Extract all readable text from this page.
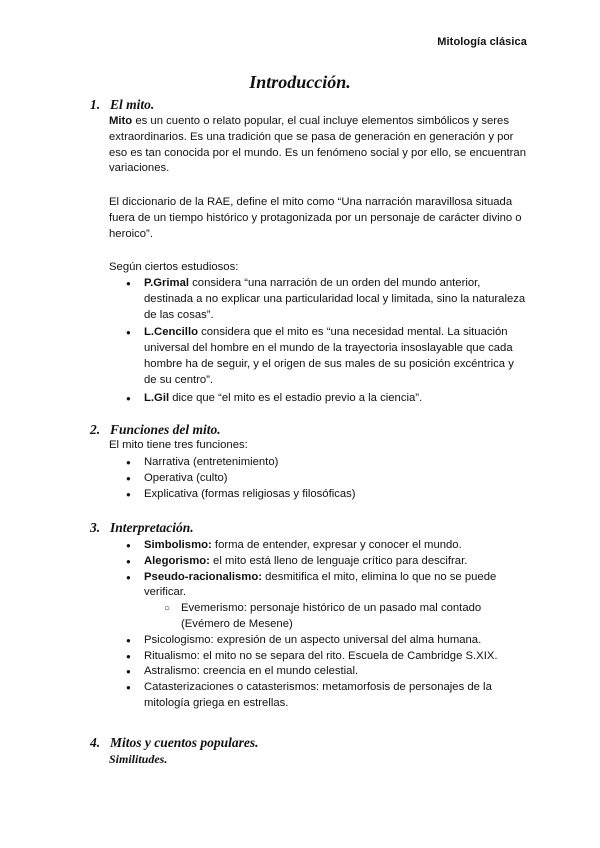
Mitología clásica
Introducción.
1. El mito.
Mito es un cuento o relato popular, el cual incluye elementos simbólicos y seres extraordinarios. Es una tradición que se pasa de generación en generación y por eso es tan conocida por el mundo. Es un fenómeno social y por ello, se encuentran variaciones.
El diccionario de la RAE, define el mito como “Una narración maravillosa situada fuera de un tiempo histórico y protagonizada por un personaje de carácter divino o heroico”.
Según ciertos estudiosos:
● P.Grimal considera “una narración de un orden del mundo anterior, destinada a no explicar una particularidad local y limitada, sino la naturaleza de las cosas”.
● L.Cencillo considera que el mito es “una necesidad mental. La situación universal del hombre en el mundo de la trayectoria insoslayable que cada hombre ha de seguir, y el origen de sus males de su posición excéntrica y de su centro”.
● L.Gil dice que “el mito es el estadio previo a la ciencia”.
2. Funciones del mito.
El mito tiene tres funciones:
● Narrativa (entretenimiento)
● Operativa (culto)
● Explicativa (formas religiosas y filosóficas)
3. Interpretación.
● Simbolismo: forma de entender, expresar y conocer el mundo.
● Alegorismo: el mito está lleno de lenguaje crítico para descifrar.
● Pseudo-racionalismo: desmitifica el mito, elimina lo que no se puede verificar.
○ Evemerismo: personaje histórico de un pasado mal contado (Evémero de Mesene)
● Psicologismo: expresión de un aspecto universal del alma humana.
● Ritualismo: el mito no se separa del rito. Escuela de Cambridge S.XIX.
● Astralismo: creencia en el mundo celestial.
● Catasterizaciones o catasterismos: metamorfosis de personajes de la mitología griega en estrellas.
4. Mitos y cuentos populares.
Similitudes.
